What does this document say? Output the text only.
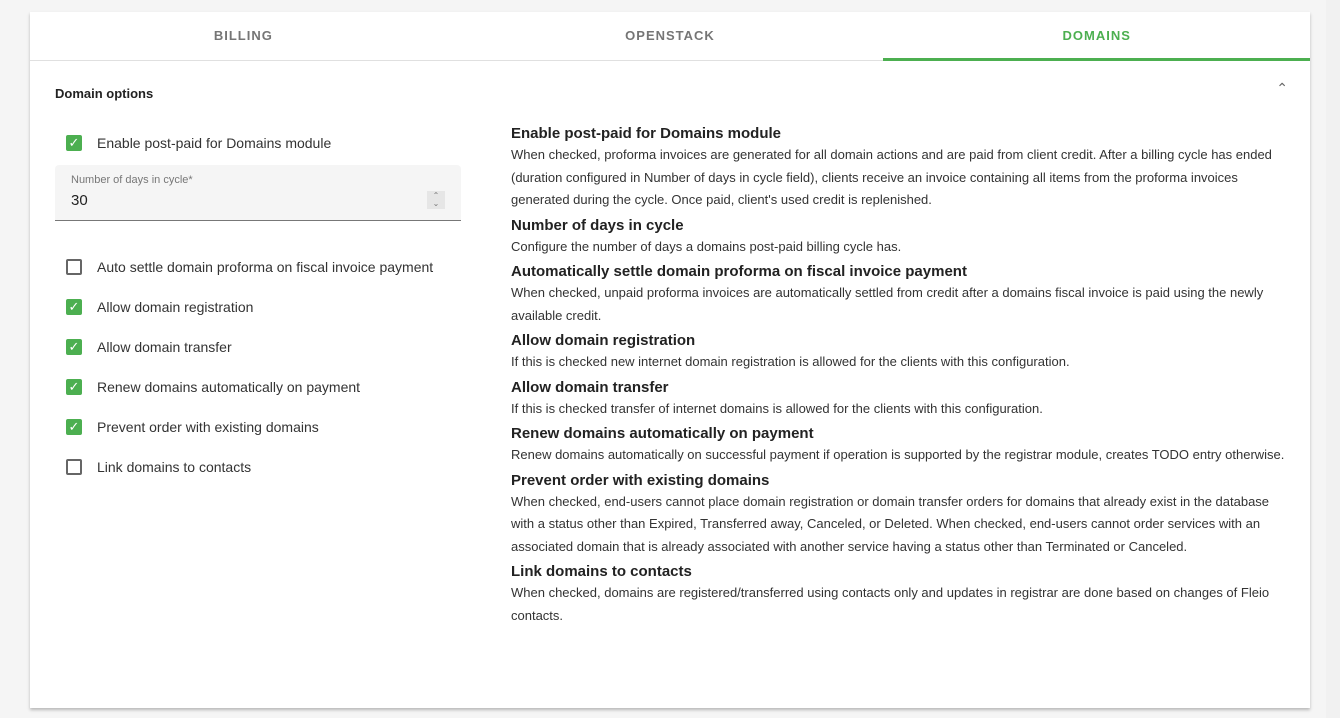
BILLING	OPENSTACK	DOMAINS
Domain options	⌃
✓ Enable post-paid for Domains module
Number of days in cycle*
30	⌃
⌄
Auto settle domain proforma on fiscal invoice payment
✓ Allow domain registration
✓ Allow domain transfer
✓ Renew domains automatically on payment
✓ Prevent order with existing domains
Link domains to contacts
Enable post-paid for Domains module

When checked, proforma invoices are generated for all domain actions and are paid from client credit. After a billing cycle has ended (duration configured in Number of days in cycle field), clients receive an invoice containing all items from the proforma invoices generated during the cycle. Once paid, client's used credit is replenished.

Number of days in cycle

Configure the number of days a domains post-paid billing cycle has.

Automatically settle domain proforma on fiscal invoice payment

When checked, unpaid proforma invoices are automatically settled from credit after a domains fiscal invoice is paid using the newly available credit.

Allow domain registration

If this is checked new internet domain registration is allowed for the clients with this configuration.

Allow domain transfer

If this is checked transfer of internet domains is allowed for the clients with this configuration.

Renew domains automatically on payment

Renew domains automatically on successful payment if operation is supported by the registrar module, creates TODO entry otherwise.

Prevent order with existing domains

When checked, end-users cannot place domain registration or domain transfer orders for domains that already exist in the database with a status other than Expired, Transferred away, Canceled, or Deleted. When checked, end-users cannot order services with an associated domain that is already associated with another service having a status other than Terminated or Canceled.

Link domains to contacts

When checked, domains are registered/transferred using contacts only and updates in registrar are done based on changes of Fleio contacts.
